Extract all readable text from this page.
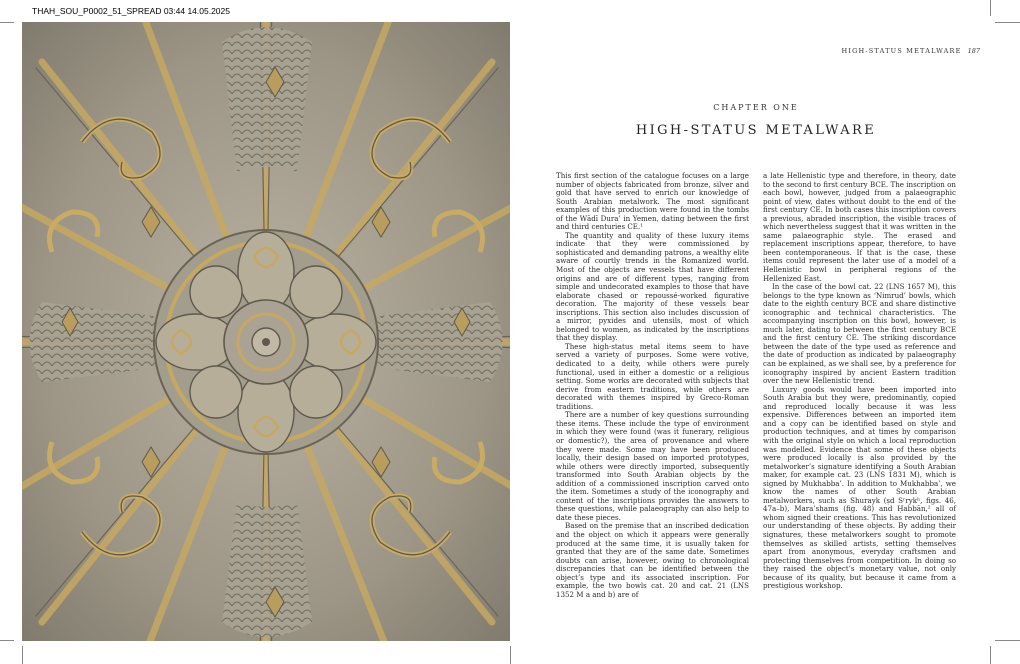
THAH_SOU_P0002_51_SPREAD 03:44 14.05.2025
HIGH-STATUS METALWARE 187
CHAPTER ONE
HIGH-STATUS METALWARE

This first section of the catalogue focuses on a large number of objects fabricated from bronze, silver and gold that have served to enrich our knowledge of South Arabian metalwork. The most significant examples of this production were found in the tombs of the Wādī Dura’ in Yemen, dating between the first and third centuries CE.¹

The quantity and quality of these luxury items indicate that they were commissioned by sophisticated and demanding patrons, a wealthy elite aware of courtly trends in the Romanized world. Most of the objects are vessels that have different origins and are of different types, ranging from simple and undecorated examples to those that have elaborate chased or repoussé-worked figurative decoration. The majority of these vessels bear inscriptions. This section also includes discussion of a mirror, pyxides and utensils, most of which belonged to women, as indicated by the inscriptions that they display.

These high-status metal items seem to have served a variety of purposes. Some were votive, dedicated to a deity, while others were purely functional, used in either a domestic or a religious setting. Some works are decorated with subjects that derive from eastern traditions, while others are decorated with themes inspired by Greco-Roman traditions.

There are a number of key questions surrounding these items. These include the type of environment in which they were found (was it funerary, religious or domestic?), the area of provenance and where they were made. Some may have been produced locally, their design based on imported prototypes, while others were directly imported, subsequently transformed into South Arabian objects by the addition of a commissioned inscription carved onto the item. Sometimes a study of the iconography and content of the inscriptions provides the answers to these questions, while palaeography can also help to date these pieces.

Based on the premise that an inscribed dedication and the object on which it appears were generally produced at the same time, it is usually taken for granted that they are of the same date. Sometimes doubts can arise, however, owing to chronological discrepancies that can be identified between the object’s type and its associated inscription. For example, the two bowls cat. 20 and cat. 21 (LNS 1352 M a and b) are of

a late Hellenistic type and therefore, in theory, date to the second to first century BCE. The inscription on each bowl, however, judged from a palaeographic point of view, dates without doubt to the end of the first century CE. In both cases this inscription covers a previous, abraded inscription, the visible traces of which nevertheless suggest that it was written in the same palaeographic style. The erased and replacement inscriptions appear, therefore, to have been contemporaneous. If that is the case, these items could represent the later use of a model of a Hellenistic bowl in peripheral regions of the Hellenized East.

In the case of the bowl cat. 22 (LNS 1657 M), this belongs to the type known as ‘Nimrud’ bowls, which date to the eighth century BCE and share distinctive iconographic and technical characteristics. The accompanying inscription on this bowl, however, is much later, dating to between the first century BCE and the first century CE. The striking discordance between the date of the type used as reference and the date of production as indicated by palaeography can be explained, as we shall see, by a preference for iconography inspired by ancient Eastern tradition over the new Hellenistic trend.

Luxury goods would have been imported into South Arabia but they were, predominantly, copied and reproduced locally because it was less expensive. Differences between an imported item and a copy can be identified based on style and production techniques, and at times by comparison with the original style on which a local reproduction was modelled. Evidence that some of these objects were produced locally is also provided by the metalworker’s signature identifying a South Arabian maker, for example cat. 23 (LNS 1831 M), which is signed by Mukhabba’. In addition to Mukhabba’, we know the names of other South Arabian metalworkers, such as Shurayk (ṣd Sʳrykʰ, figs. 46, 47a–b), Mara’shams (fig. 48) and Ḥabbān,² all of whom signed their creations. This has revolutionized our understanding of these objects. By adding their signatures, these metalworkers sought to promote themselves as skilled artists, setting themselves apart from anonymous, everyday craftsmen and protecting themselves from competition. In doing so they raised the object’s monetary value, not only because of its quality, but because it came from a prestigious workshop.
